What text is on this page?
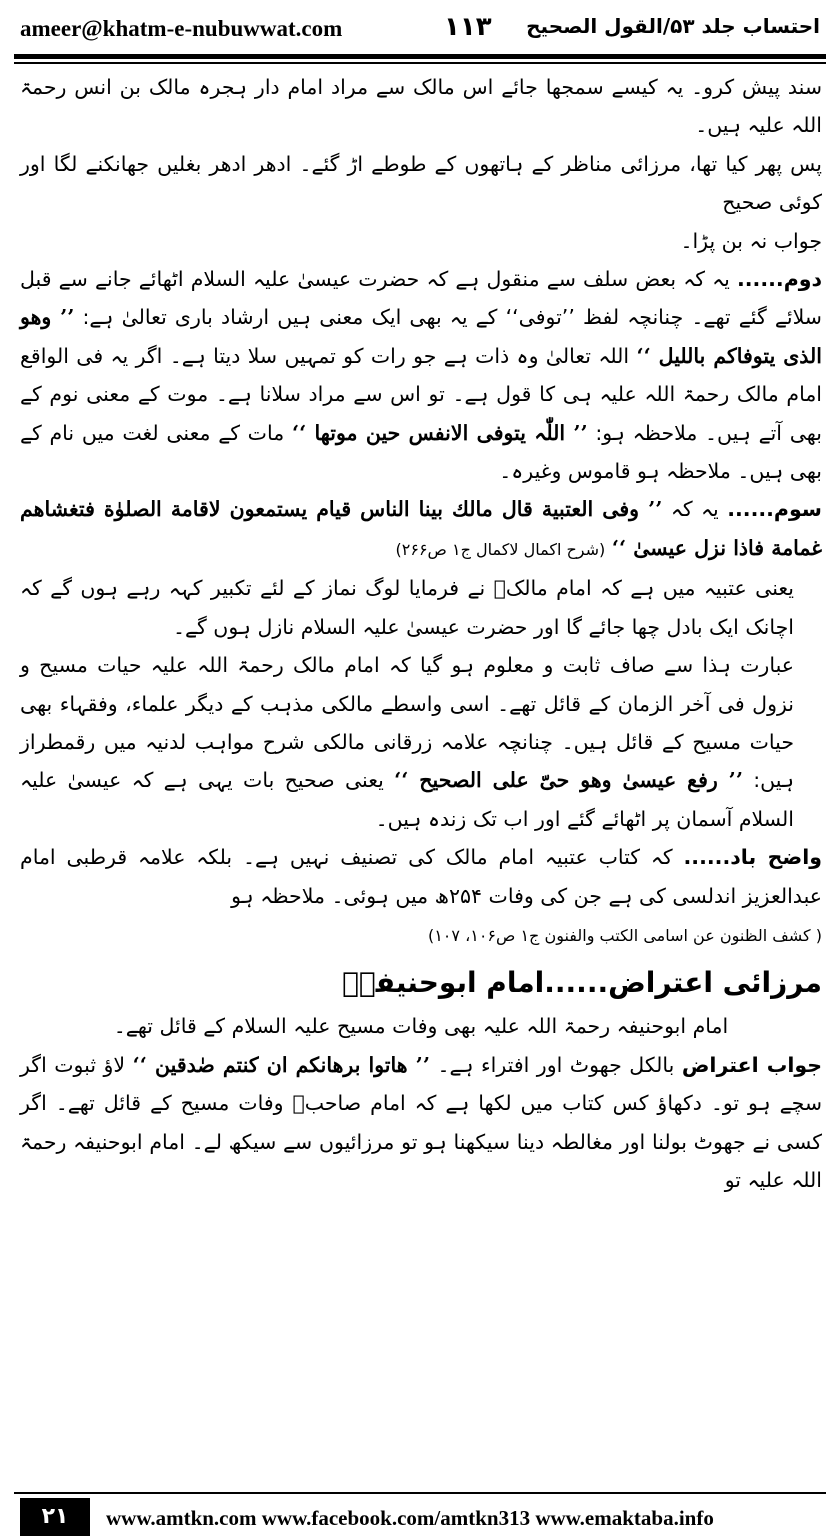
ameer@khatm-e-nubuwwat.com	١١٣ احتساب جلد ۵۳/القول الصحیح

سند پیش کرو۔ یہ کیسے سمجھا جائے اس مالک سے مراد امام دار ہجرہ مالک بن انس رحمۃ اللہ علیہ ہیں۔

پس پھر کیا تھا، مرزائی مناظر کے ہاتھوں کے طوطے اڑ گئے۔ ادھر ادھر بغلیں جھانکنے لگا اور کوئی صحیح

جواب نہ بن پڑا۔

دوم...... یہ کہ بعض سلف سے منقول ہے کہ حضرت عیسیٰ علیہ السلام اٹھائے جانے سے قبل سلائے گئے تھے۔ چنانچہ لفظ ’’توفی‘‘ کے یہ بھی ایک معنی ہیں ارشاد باری تعالیٰ ہے: ’’ وهو الذی یتوفاکم باللیل ‘‘ اللہ تعالیٰ وہ ذات ہے جو رات کو تمہیں سلا دیتا ہے۔ اگر یہ فی الواقع امام مالک رحمۃ اللہ علیہ ہی کا قول ہے۔ تو اس سے مراد سلانا ہے۔ موت کے معنی نوم کے بھی آتے ہیں۔ ملاحظہ ہو: ’’ اللّٰہ یتوفی الانفس حین موتھا ‘‘ مات کے معنی لغت میں نام کے بھی ہیں۔ ملاحظہ ہو قاموس وغیرہ۔

سوم...... یہ کہ ’’ وفی العتبیة قال مالك بینا الناس قیام یستمعون لاقامة الصلوٰة فتغشاھم غمامة فاذا نزل عیسیٰ ‘‘ (شرح اکمال لاکمال ج۱ ص۲۶۶)

یعنی عتبیہ میں ہے کہ امام مالکؒ نے فرمایا لوگ نماز کے لئے تکبیر کہہ رہے ہوں گے کہ اچانک ایک بادل چھا جائے گا اور حضرت عیسیٰ علیہ السلام نازل ہوں گے۔

عبارت ہذا سے صاف ثابت و معلوم ہو گیا کہ امام مالک رحمۃ اللہ علیہ حیات مسیح و نزول فی آخر الزمان کے قائل تھے۔ اسی واسطے مالکی مذہب کے دیگر علماء، وفقہاء بھی حیات مسیح کے قائل ہیں۔ چنانچہ علامہ زرقانی مالکی شرح مواہب لدنیہ میں رقمطراز ہیں: ’’ رفع عیسیٰ وھو حیّ علی الصحیح ‘‘ یعنی صحیح بات یہی ہے کہ عیسیٰ علیہ السلام آسمان پر اٹھائے گئے اور اب تک زندہ ہیں۔

واضح باد...... کہ کتاب عتبیہ امام مالک کی تصنیف نہیں ہے۔ بلکہ علامہ قرطبی امام عبدالعزیز اندلسی کی ہے جن کی وفات ۲۵۴ھ میں ہوئی۔ ملاحظہ ہو

( کشف الظنون عن اسامی الکتب والفنون ج۱ ص۱۰۶، ۱۰۷)

مرزائی اعتراض......امام ابوحنیفہؒ

امام ابوحنیفہ رحمۃ اللہ علیہ بھی وفات مسیح علیہ السلام کے قائل تھے۔

جواب اعتراض بالکل جھوٹ اور افتراء ہے۔ ’’ ھاتوا برھانکم ان کنتم صٰدقین ‘‘ لاؤ ثبوت اگر سچے ہو تو۔ دکھاؤ کس کتاب میں لکھا ہے کہ امام صاحبؒ وفات مسیح کے قائل تھے۔ اگر کسی نے جھوٹ بولنا اور مغالطہ دینا سیکھنا ہو تو مرزائیوں سے سیکھ لے۔ امام ابوحنیفہ رحمۃ اللہ علیہ تو

۲۱	www.amtkn.com www.facebook.com/amtkn313 www.emaktaba.info
